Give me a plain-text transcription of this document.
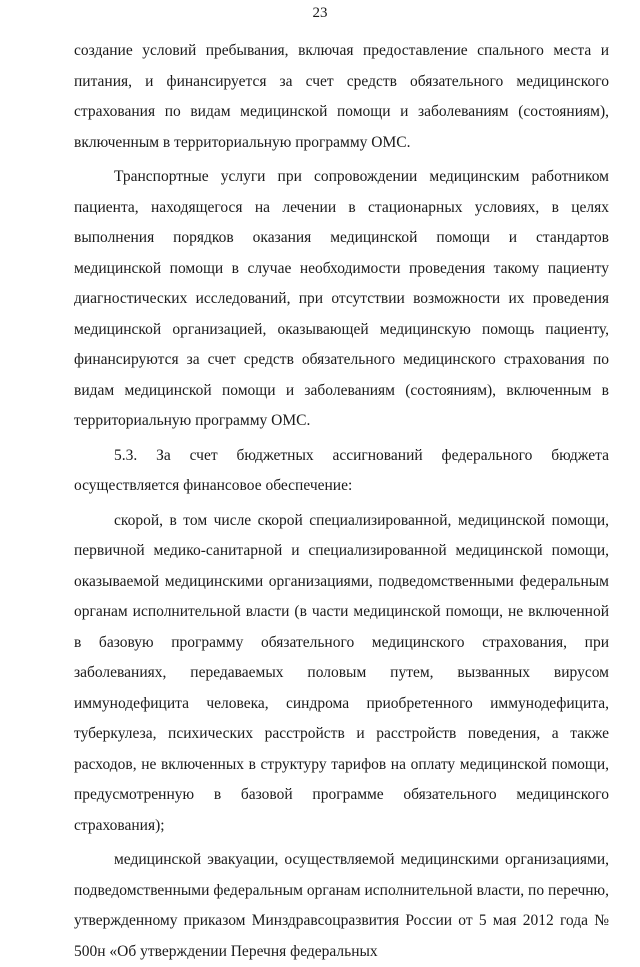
23

создание условий пребывания, включая предоставление спального места и питания, и финансируется за счет средств обязательного медицинского страхования по видам медицинской помощи и заболеваниям (состояниям), включенным в территориальную программу ОМС.

Транспортные услуги при сопровождении медицинским работником пациента, находящегося на лечении в стационарных условиях, в целях выполнения порядков оказания медицинской помощи и стандартов медицинской помощи в случае необходимости проведения такому пациенту диагностических исследований, при отсутствии возможности их проведения медицинской организацией, оказывающей медицинскую помощь пациенту, финансируются за счет средств обязательного медицинского страхования по видам медицинской помощи и заболеваниям (состояниям), включенным в территориальную программу ОМС.

5.3. За счет бюджетных ассигнований федерального бюджета осуществляется финансовое обеспечение:

скорой, в том числе скорой специализированной, медицинской помощи, первичной медико-санитарной и специализированной медицинской помощи, оказываемой медицинскими организациями, подведомственными федеральным органам исполнительной власти (в части медицинской помощи, не включенной в базовую программу обязательного медицинского страхования, при заболеваниях, передаваемых половым путем, вызванных вирусом иммунодефицита человека, синдрома приобретенного иммунодефицита, туберкулеза, психических расстройств и расстройств поведения, а также расходов, не включенных в структуру тарифов на оплату медицинской помощи, предусмотренную в базовой программе обязательного медицинского страхования);

медицинской эвакуации, осуществляемой медицинскими организациями, подведомственными федеральным органам исполнительной власти, по перечню, утвержденному приказом Минздравсоцразвития России от 5 мая 2012 года № 500н «Об утверждении Перечня федеральных
